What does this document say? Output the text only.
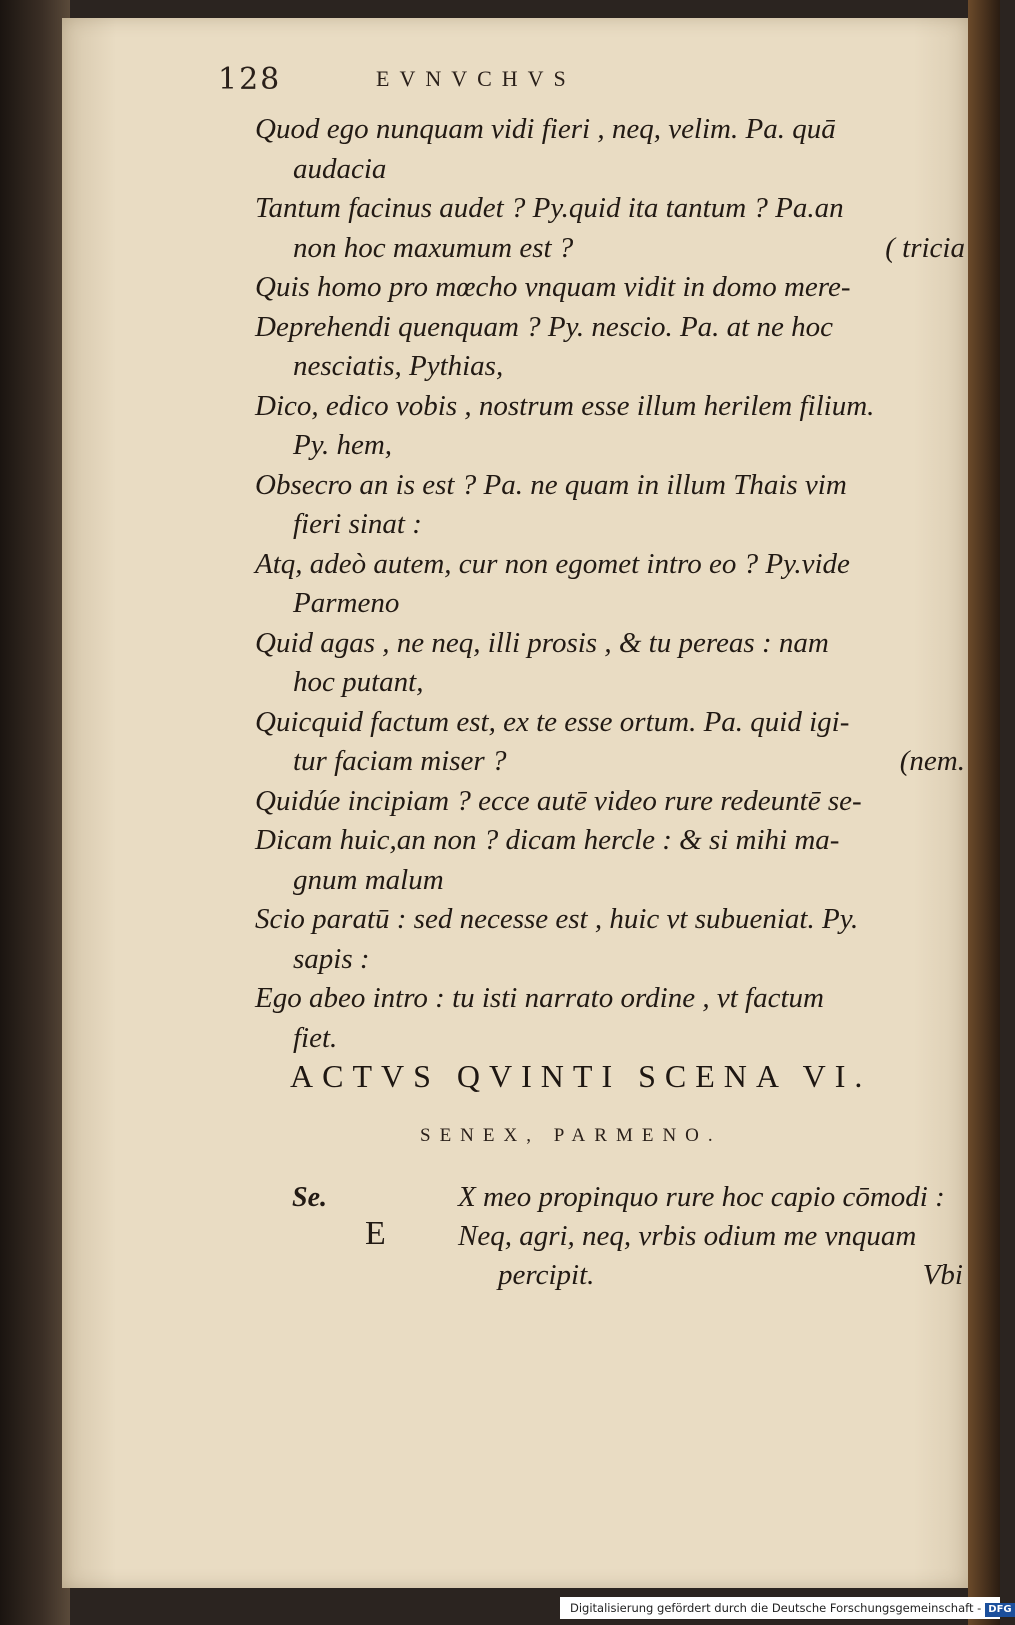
128	EVNVCHVS
Quod ego nunquam vidi fieri , neq, velim. Pa. quā
audacia
Tantum facinus audet ? Py.quid ita tantum ? Pa.an
non hoc maxumum est ?	( tricia
Quis homo pro mœcho vnquam vidit in domo mere-
Deprehendi quenquam ? Py. nescio. Pa. at ne hoc
nesciatis, Pythias,
Dico, edico vobis , nostrum esse illum herilem filium.
Py. hem,
Obsecro an is est ? Pa. ne quam in illum Thais vim
fieri sinat :
Atq, adeò autem, cur non egomet intro eo ? Py.vide
Parmeno
Quid agas , ne neq, illi prosis , & tu pereas : nam
hoc putant,
Quicquid factum est, ex te esse ortum. Pa. quid igi-
tur faciam miser ?	(nem.
Quidúe incipiam ? ecce autē video rure redeuntē se-
Dicam huic,an non ? dicam hercle : & si mihi ma-
gnum malum
Scio paratū : sed necesse est , huic vt subueniat. Py.
sapis :
Ego abeo intro : tu isti narrato ordine , vt factum
fiet.
ACTVS QVINTI SCENA VI.
SENEX, PARMENO.
Se.
E
X meo propinquo rure hoc capio cōmodi :
Neq, agri, neq, vrbis odium me vnquam
percipit.	Vbi
Digitalisierung gefördert durch die Deutsche Forschungsgemeinschaft - DFG
